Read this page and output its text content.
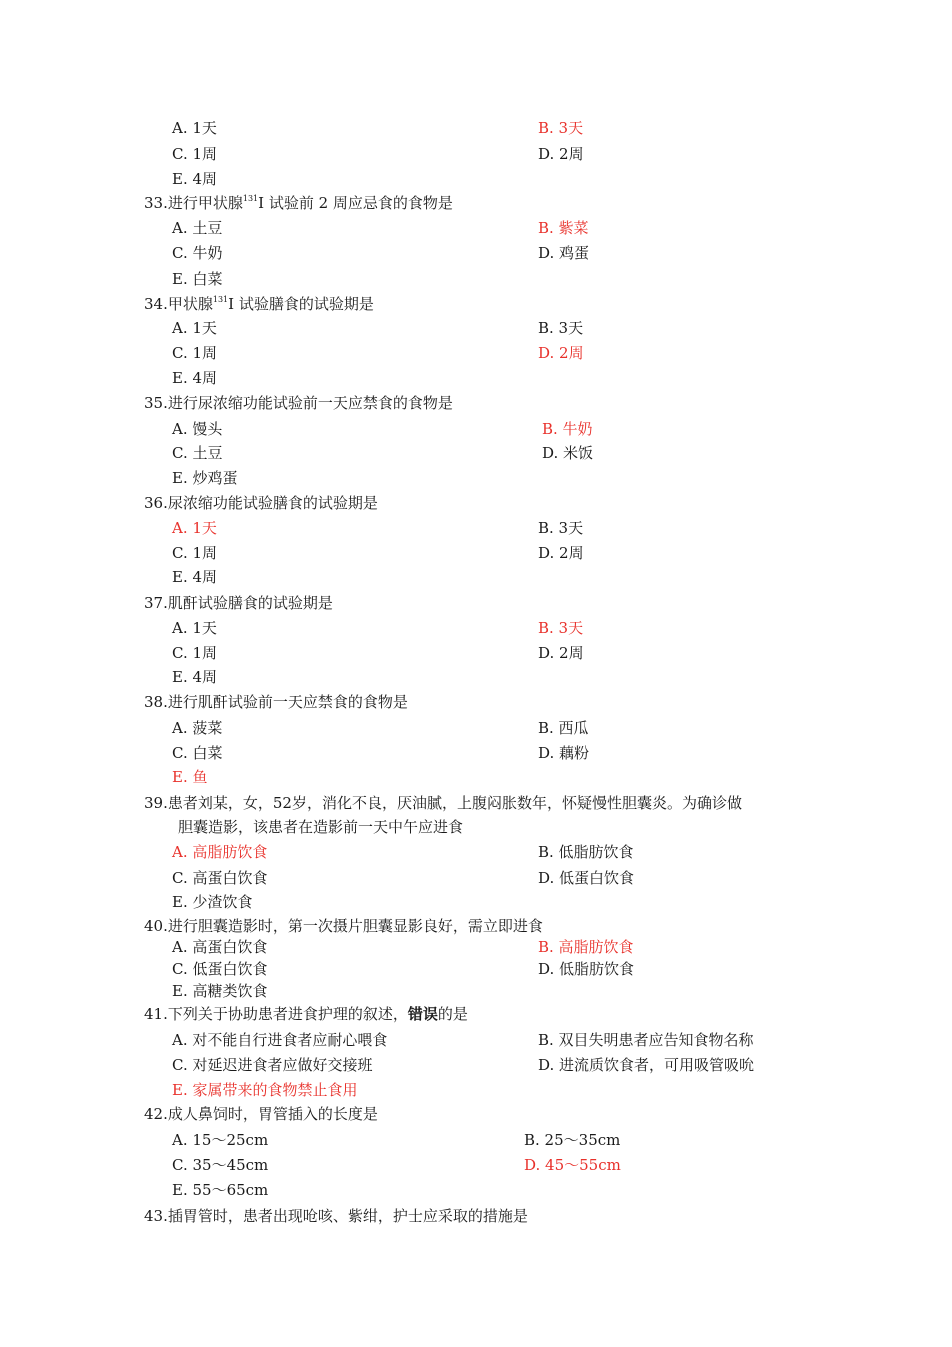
A. 1天	B. 3天
C. 1周	D. 2周
E. 4周
33.进行甲状腺$^{131}$I 试验前 2 周应忌食的食物是
A. 土豆	B. 紫菜
C. 牛奶	D. 鸡蛋
E. 白菜
34.甲状腺$^{131}$I 试验膳食的试验期是
A. 1天	B. 3天
C. 1周	D. 2周
E. 4周
35.进行尿浓缩功能试验前一天应禁食的食物是
A. 馒头	B. 牛奶
C. 土豆	D. 米饭
E. 炒鸡蛋
36.尿浓缩功能试验膳食的试验期是
A. 1天	B. 3天
C. 1周	D. 2周
E. 4周
37.肌酐试验膳食的试验期是
A. 1天	B. 3天
C. 1周	D. 2周
E. 4周
38.进行肌酐试验前一天应禁食的食物是
A. 菠菜	B. 西瓜
C. 白菜	D. 藕粉
E. 鱼
39.患者刘某，女，52岁，消化不良，厌油腻，上腹闷胀数年，怀疑慢性胆囊炎。为确诊做
胆囊造影，该患者在造影前一天中午应进食
A. 高脂肪饮食	B. 低脂肪饮食
C. 高蛋白饮食	D. 低蛋白饮食
E. 少渣饮食
40.进行胆囊造影时，第一次摄片胆囊显影良好，需立即进食
A. 高蛋白饮食	B. 高脂肪饮食
C. 低蛋白饮食	D. 低脂肪饮食
E. 高糖类饮食
41.下列关于协助患者进食护理的叙述，错误的是
A. 对不能自行进食者应耐心喂食	B. 双目失明患者应告知食物名称
C. 对延迟进食者应做好交接班	D. 进流质饮食者，可用吸管吸吮
E. 家属带来的食物禁止食用
42.成人鼻饲时，胃管插入的长度是
A. 15～25cm	B. 25～35cm
C. 35～45cm	D. 45～55cm
E. 55～65cm
43.插胃管时，患者出现呛咳、紫绀，护士应采取的措施是
